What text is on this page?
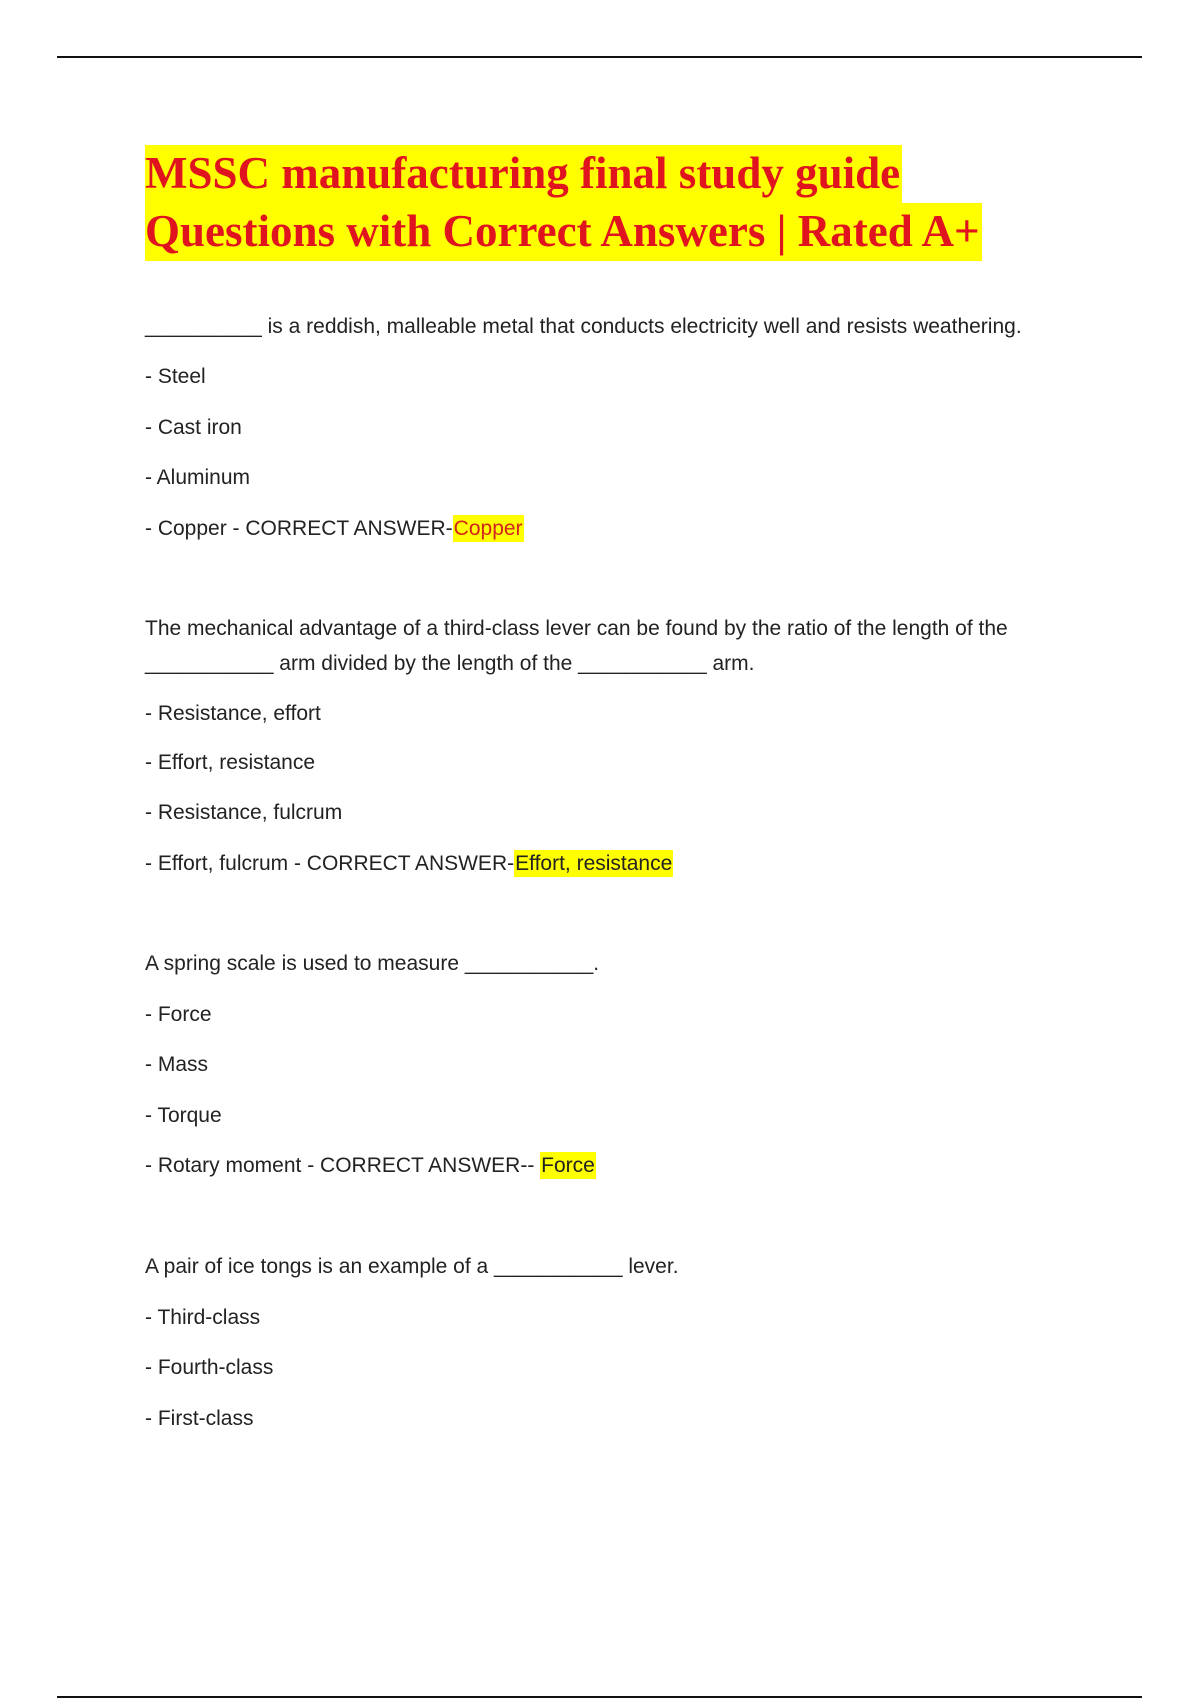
MSSC manufacturing final study guide
Questions with Correct Answers | Rated A+

__________ is a reddish, malleable metal that conducts electricity well and resists weathering.

- Steel

- Cast iron

- Aluminum

- Copper - CORRECT ANSWER-Copper

The mechanical advantage of a third-class lever can be found by the ratio of the length of the

___________ arm divided by the length of the ___________ arm.

- Resistance, effort

- Effort, resistance

- Resistance, fulcrum

- Effort, fulcrum - CORRECT ANSWER-Effort, resistance

A spring scale is used to measure ___________.

- Force

- Mass

- Torque

- Rotary moment - CORRECT ANSWER-- Force

A pair of ice tongs is an example of a ___________ lever.

- Third-class

- Fourth-class

- First-class
